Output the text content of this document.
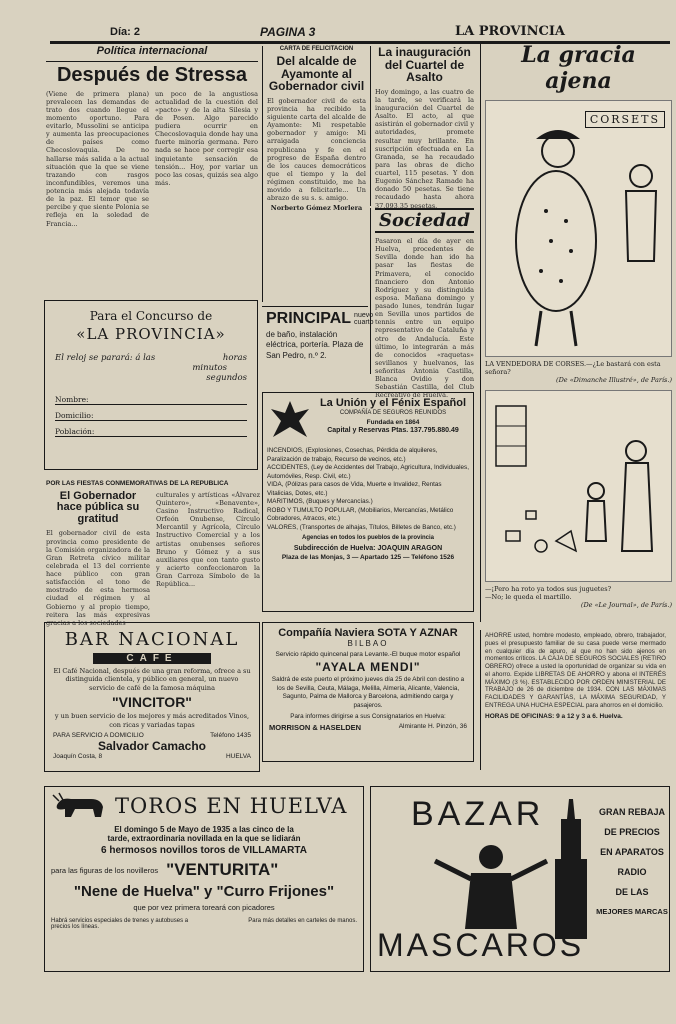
Día: 2	PAGINA 3	LA PROVINCIA
Política internacional
Después de Stressa
(Viene de primera plana) prevalecen las demandas de trato dos cuando llegue el momento oportuno. Para evitarlo, Mussolini se anticipa y aumenta las preocupaciones de países como Checoslovaquia. De no hallarse más salida a la actual situación que la que se viene trazando con rasgos inconfundibles, veremos una potencia más alejada todavía de la paz. El temor que se percibe y que siente Polonia se refleja en la soledad de Francia...
un poco de la angustiosa actualidad de la cuestión del «pacto» y de la alta Silesia y de Posen. Algo parecido pudiera ocurrir en Checoslovaquia donde hay una fuerte minoría germana. Pero nada se hace por corregir esa inquietante sensación de tensión... Hoy, por variar un poco las cosas, quizás sea algo más.
Para el Concurso de
«LA PROVINCIA»
El reloj se parará: á las	horas
minutos
segundos
Nombre:
Domicilio:
Población:
POR LAS FIESTAS CONMEMORATIVAS DE LA REPUBLICA
El Gobernador hace pública su gratitud
El gobernador civil de esta provincia como presidente de la Comisión organizadora de la Gran Retreta cívico militar celebrada el 13 del corriente hace público con gran satisfacción el tono de mostrado de esta hermosa ciudad el régimen y al Gobierno y al propio tiempo, reitera las más expresivas gracias a los sociedades
culturales y artísticas «Álvarez Quintero», «Benavente», Casino Instructivo Radical, Orfeón Onubense, Círculo Mercantil y Agrícola, Círculo Instructivo Comercial y a los artistas onubenses señores Bruno y Gómez y a sus auxiliares que con tanto gusto y acierto confeccionaron la Gran Carroza Símbolo de la República...
CARTA DE FELICITACION
Del alcalde de Ayamonte al Gobernador civil
El gobernador civil de esta provincia ha recibido la siguiente carta del alcalde de Ayamonte: Mi respetable gobernador y amigo: Mi arraigada conciencia republicana y fe en el progreso de España dentro de los cauces democráticos que el tiempo y la del régimen constituido, me ha movido a felicitarle... Un abrazo de su s. s. amigo.
Norberto Gómez Morlera
La inauguración del Cuartel de Asalto
Hoy domingo, a las cuatro de la tarde, se verificará la inauguración del Cuartel de Asalto. El acto, al que asistirán el gobernador civil y autoridades, promete resultar muy brillante. En suscripción efectuada en La Granada, se ha recaudado para las obras de dicho cuartel, 115 pesetas. Y don Eugenio Sánchez Ramade ha donado 50 pesetas. Se tiene recaudado hasta ahora 37.093,35 pesetas.
Sociedad
Pasaron el día de ayer en Huelva, procedentes de Sevilla donde han ido ha pasar las fiestas de Primavera, el conocido financiero don Antonio Rodríguez y su distinguida esposa. Mañana domingo y pasado lunes, tendrán lugar en Sevilla unos partidos de tennis entre un equipo representativo de Cataluña y otro de Andalucía. Este último, lo integrarán a más de conocidos «raquetas» sevillanos y huelvanos, las señoritas Antonia Castilla, Blanca Ovidio y don Sebastián Castilla, del Club Recreativo de Huelva.
PRINCIPAL nuevo cuarto
de baño, instalación eléctrica, portería. Plaza de San Pedro, n.º 2.
La Unión y el Fénix Español
COMPAÑÍA DE SEGUROS REUNIDOS
Fundada en 1864
Capital y Reservas Ptas. 137.795.880.49
INCENDIOS, (Explosiones, Cosechas, Pérdida de alquileres, Paralización de trabajo, Recurso de vecinos, etc.)
ACCIDENTES, (Ley de Accidentes del Trabajo, Agricultura, Individuales, Automóviles, Resp. Civil, etc.)
VIDA, (Pólizas para casos de Vida, Muerte e Invalidez, Rentas Vitalicias, Dotes, etc.)
MARITIMOS, (Buques y Mercancías.)
ROBO Y TUMULTO POPULAR, (Mobiliarios, Mercancías, Metálico Cobradores, Atracos, etc.)
VALORES, (Transportes de alhajas, Títulos, Billetes de Banco, etc.)
Agencias en todos los pueblos de la provincia
Subdirección de Huelva: JOAQUIN ARAGON
Plaza de las Monjas, 3 — Apartado 125 — Teléfono 1526
La gracia ajena
CORSETS
LA VENDEDORA DE CORSES.—¿Le bastará con esta señora?
(De «Dimanche Illustré», de París.)
—¡Pero ha roto ya todos sus juguetes?
—No; le queda el martillo.
(De «Le Journal», de París.)
BAR NACIONAL
CAFE
El Café Nacional, después de una gran reforma, ofrece a su distinguida clientela, y público en general, un nuevo servicio de café de la famosa máquina
"VINCITOR"
y un buen servicio de los mejores y más acreditados Vinos, con ricas y variadas tapas
PARA SERVICIO A DOMICILIO	Teléfono 1435
Salvador Camacho
Joaquín Costa, 8	HUELVA
Compañía Naviera SOTA Y AZNAR
BILBAO
Servicio rápido quincenal para Levante.-El buque motor español
"AYALA MENDI"
Saldrá de este puerto el próximo jueves día 25 de Abril con destino a los de Sevilla, Ceuta, Málaga, Melilla, Almería, Alicante, Valencia, Sagunto, Palma de Mallorca y Barcelona, admitiendo carga y pasajeros.
Para informes dirigirse a sus Consignatarios en Huelva:
MORRISON & HASELDEN	Almirante H. Pinzón, 36
AHORRE usted, hombre modesto, empleado, obrero, trabajador, pues el presupuesto familiar de su casa puede verse mermado en cualquier día de apuro, al que no han sido ajenos en momentos críticos. LA CAJA DE SEGUROS SOCIALES (RETIRO OBRERO) ofrece a usted la oportunidad de organizar su vida en el ahorro. Expide LIBRETAS DE AHORRO y abona el INTERÉS MÁXIMO (3 %). ESTABLECIDO POR ORDEN MINISTERIAL DE TRABAJO de 26 de diciembre de 1934. CON LAS MÁXIMAS FACILIDADES Y GARANTÍAS, LA MÁXIMA SEGURIDAD, Y ENTREGA UNA HUCHA ESPECIAL para ahorros en el domicilio.
HORAS DE OFICINAS: 9 a 12 y 3 a 6. Huelva.
TOROS EN HUELVA
El domingo 5 de Mayo de 1935 a las cinco de la
tarde, extraordinaria novillada en la que se lidiarán
6 hermosos novillos toros de VILLAMARTA
para las figuras de los novilleros "VENTURITA"
"Nene de Huelva" y "Curro Frijones"
que por vez primera toreará con picadores
Habrá servicios especiales de trenes y autobuses a precios los líneas.
Para más detalles en carteles de manos.
BAZAR
MASCAROS
GRAN REBAJA
DE PRECIOS
EN APARATOS
RADIO
DE LAS
MEJORES MARCAS
